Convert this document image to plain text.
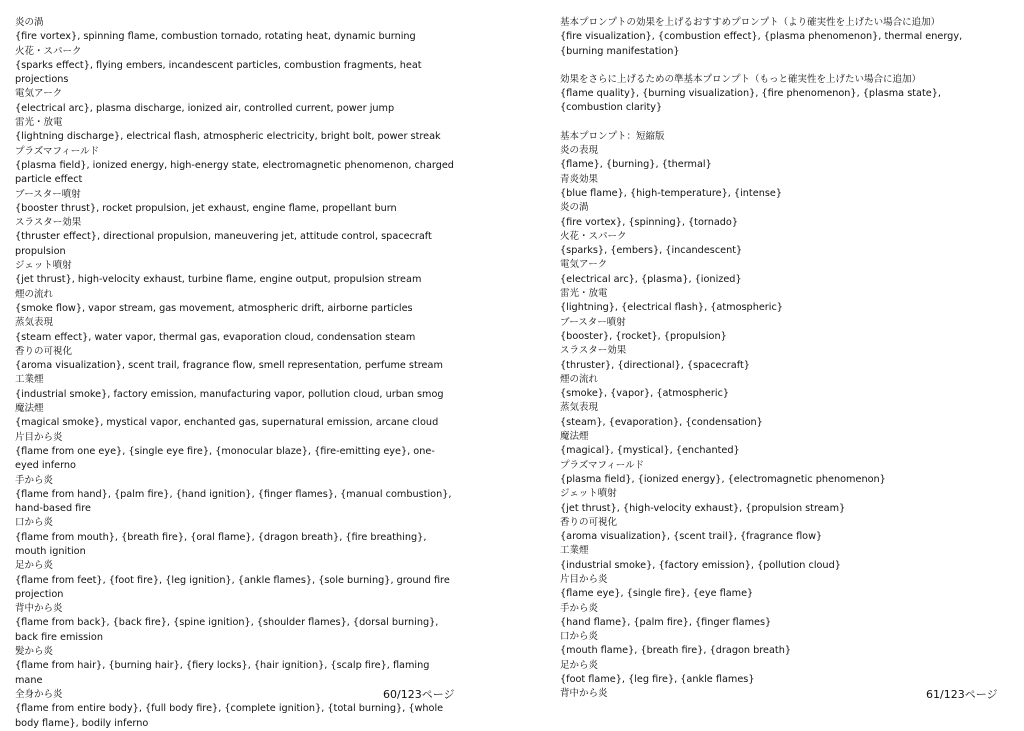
炎の渦
{fire vortex}, spinning flame, combustion tornado, rotating heat, dynamic burning
火花・スパーク
{sparks effect}, flying embers, incandescent particles, combustion fragments, heat projections
電気アーク
{electrical arc}, plasma discharge, ionized air, controlled current, power jump
雷光・放電
{lightning discharge}, electrical flash, atmospheric electricity, bright bolt, power streak
プラズマフィールド
{plasma field}, ionized energy, high-energy state, electromagnetic phenomenon, charged particle effect
ブースター噴射
{booster thrust}, rocket propulsion, jet exhaust, engine flame, propellant burn
スラスター効果
{thruster effect}, directional propulsion, maneuvering jet, attitude control, spacecraft propulsion
ジェット噴射
{jet thrust}, high-velocity exhaust, turbine flame, engine output, propulsion stream
煙の流れ
{smoke flow}, vapor stream, gas movement, atmospheric drift, airborne particles
蒸気表現
{steam effect}, water vapor, thermal gas, evaporation cloud, condensation steam
香りの可視化
{aroma visualization}, scent trail, fragrance flow, smell representation, perfume stream
工業煙
{industrial smoke}, factory emission, manufacturing vapor, pollution cloud, urban smog
魔法煙
{magical smoke}, mystical vapor, enchanted gas, supernatural emission, arcane cloud
片目から炎
{flame from one eye}, {single eye fire}, {monocular blaze}, {fire-emitting eye}, one-eyed inferno
手から炎
{flame from hand}, {palm fire}, {hand ignition}, {finger flames}, {manual combustion}, hand-based fire
口から炎
{flame from mouth}, {breath fire}, {oral flame}, {dragon breath}, {fire breathing}, mouth ignition
足から炎
{flame from feet}, {foot fire}, {leg ignition}, {ankle flames}, {sole burning}, ground fire projection
背中から炎
{flame from back}, {back fire}, {spine ignition}, {shoulder flames}, {dorsal burning}, back fire emission
髪から炎
{flame from hair}, {burning hair}, {fiery locks}, {hair ignition}, {scalp fire}, flaming mane
全身から炎
{flame from entire body}, {full body fire}, {complete ignition}, {total burning}, {whole body flame}, bodily inferno
60/123ページ
基本プロンプトの効果を上げるおすすめプロンプト（より確実性を上げたい場合に追加）
{fire visualization}, {combustion effect}, {plasma phenomenon}, thermal energy, {burning manifestation}
効果をさらに上げるための準基本プロンプト（もっと確実性を上げたい場合に追加）
{flame quality}, {burning visualization}, {fire phenomenon}, {plasma state}, {combustion clarity}
基本プロンプト：短縮版
炎の表現
{flame}, {burning}, {thermal}
青炎効果
{blue flame}, {high-temperature}, {intense}
炎の渦
{fire vortex}, {spinning}, {tornado}
火花・スパーク
{sparks}, {embers}, {incandescent}
電気アーク
{electrical arc}, {plasma}, {ionized}
雷光・放電
{lightning}, {electrical flash}, {atmospheric}
ブースター噴射
{booster}, {rocket}, {propulsion}
スラスター効果
{thruster}, {directional}, {spacecraft}
煙の流れ
{smoke}, {vapor}, {atmospheric}
蒸気表現
{steam}, {evaporation}, {condensation}
魔法煙
{magical}, {mystical}, {enchanted}
プラズマフィールド
{plasma field}, {ionized energy}, {electromagnetic phenomenon}
ジェット噴射
{jet thrust}, {high-velocity exhaust}, {propulsion stream}
香りの可視化
{aroma visualization}, {scent trail}, {fragrance flow}
工業煙
{industrial smoke}, {factory emission}, {pollution cloud}
片目から炎
{flame eye}, {single fire}, {eye flame}
手から炎
{hand flame}, {palm fire}, {finger flames}
口から炎
{mouth flame}, {breath fire}, {dragon breath}
足から炎
{foot flame}, {leg fire}, {ankle flames}
背中から炎	61/123ページ
